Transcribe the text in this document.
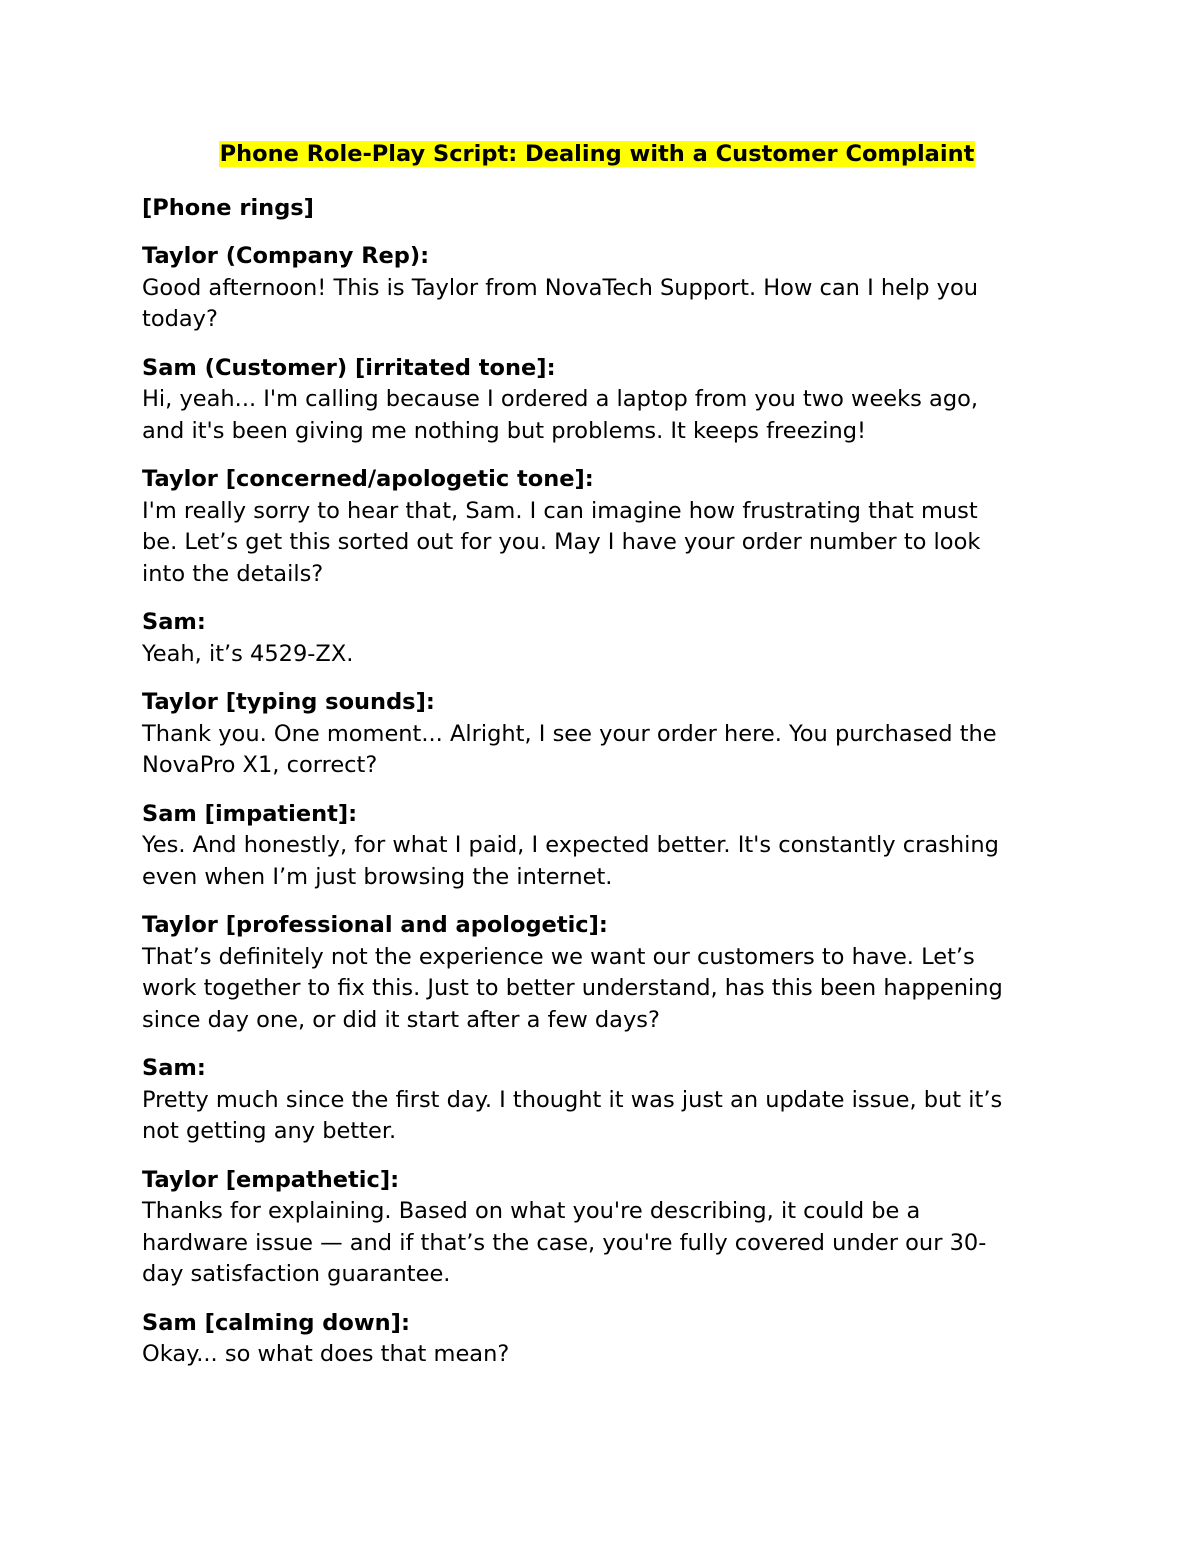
Phone Role-Play Script: Dealing with a Customer Complaint

[Phone rings]

Taylor (Company Rep):

Good afternoon! This is Taylor from NovaTech Support. How can I help you
today?

Sam (Customer) [irritated tone]:

Hi, yeah... I'm calling because I ordered a laptop from you two weeks ago,
and it's been giving me nothing but problems. It keeps freezing!

Taylor [concerned/apologetic tone]:

I'm really sorry to hear that, Sam. I can imagine how frustrating that must
be. Let’s get this sorted out for you. May I have your order number to look
into the details?

Sam:

Yeah, it’s 4529-ZX.

Taylor [typing sounds]:

Thank you. One moment... Alright, I see your order here. You purchased the
NovaPro X1, correct?

Sam [impatient]:

Yes. And honestly, for what I paid, I expected better. It's constantly crashing
even when I’m just browsing the internet.

Taylor [professional and apologetic]:

That’s definitely not the experience we want our customers to have. Let’s
work together to fix this. Just to better understand, has this been happening
since day one, or did it start after a few days?

Sam:

Pretty much since the first day. I thought it was just an update issue, but it’s
not getting any better.

Taylor [empathetic]:

Thanks for explaining. Based on what you're describing, it could be a
hardware issue — and if that’s the case, you're fully covered under our 30-
day satisfaction guarantee.

Sam [calming down]:

Okay... so what does that mean?
